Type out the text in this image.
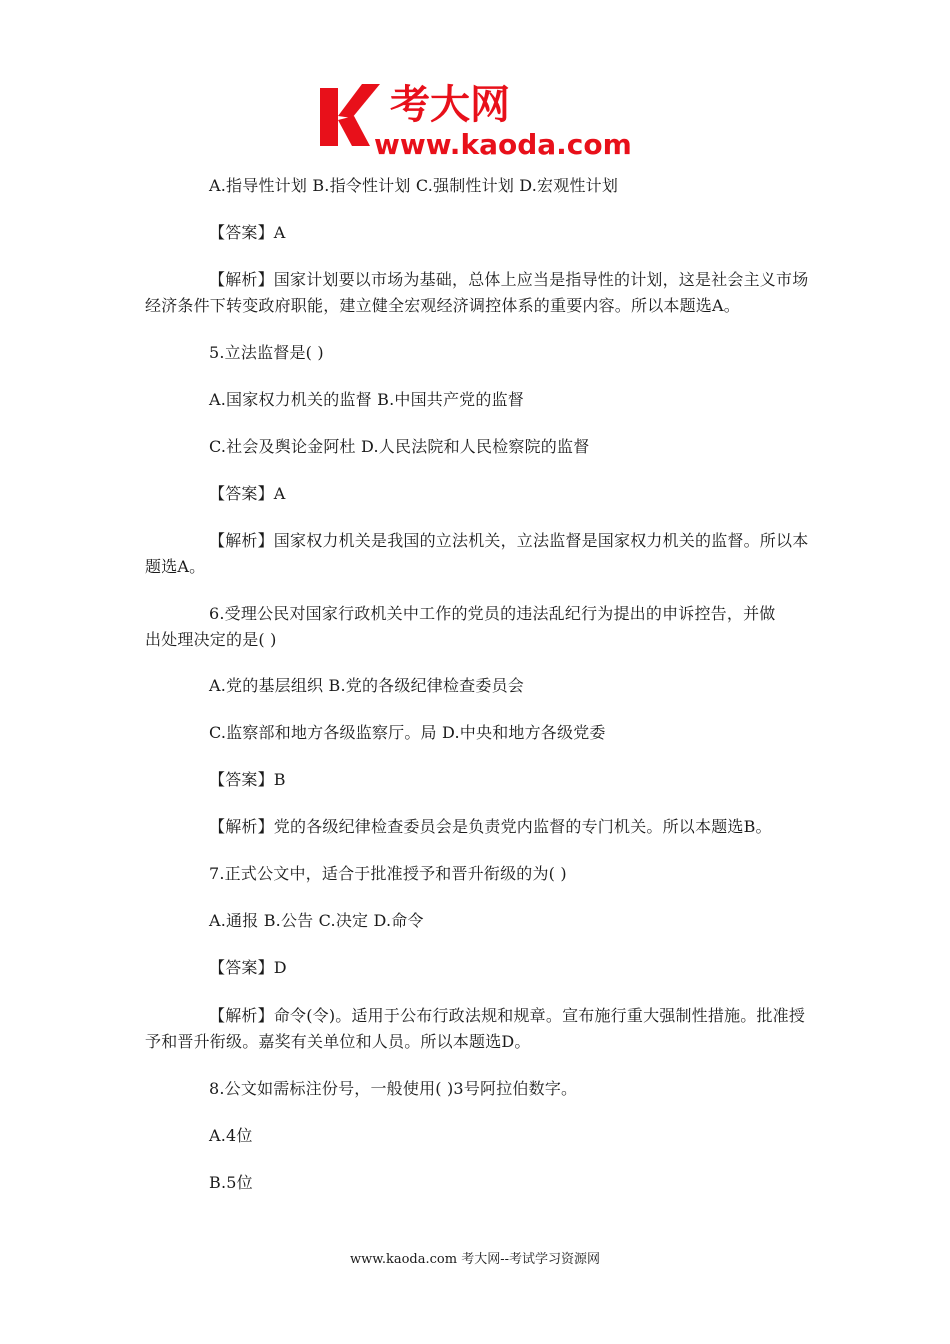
考大网
www.kaoda.com
A.指导性计划 B.指令性计划 C.强制性计划 D.宏观性计划
【答案】A
【解析】国家计划要以市场为基础，总体上应当是指导性的计划，这是社会主义市场
经济条件下转变政府职能，建立健全宏观经济调控体系的重要内容。所以本题选A。
5.立法监督是( )
A.国家权力机关的监督 B.中国共产党的监督
C.社会及舆论金阿杜 D.人民法院和人民检察院的监督
【答案】A
【解析】国家权力机关是我国的立法机关，立法监督是国家权力机关的监督。所以本
题选A。
6.受理公民对国家行政机关中工作的党员的违法乱纪行为提出的申诉控告，并做
出处理决定的是( )
A.党的基层组织 B.党的各级纪律检查委员会
C.监察部和地方各级监察厅。局 D.中央和地方各级党委
【答案】B
【解析】党的各级纪律检查委员会是负责党内监督的专门机关。所以本题选B。
7.正式公文中，适合于批准授予和晋升衔级的为( )
A.通报 B.公告 C.决定 D.命令
【答案】D
【解析】命令(令)。适用于公布行政法规和规章。宣布施行重大强制性措施。批准授
予和晋升衔级。嘉奖有关单位和人员。所以本题选D。
8.公文如需标注份号，一般使用( )3号阿拉伯数字。
A.4位
B.5位
www.kaoda.com 考大网--考试学习资源网
